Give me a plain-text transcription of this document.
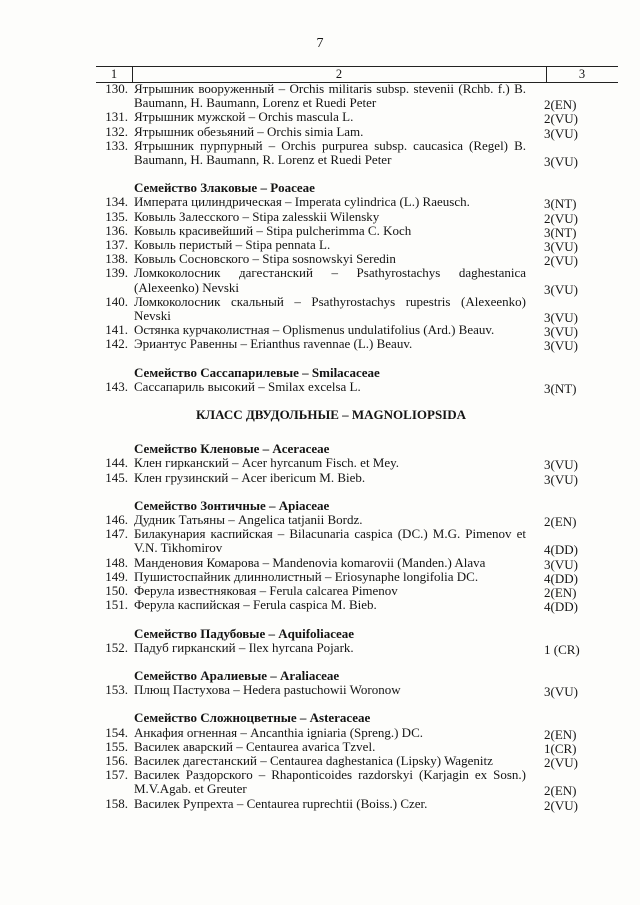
7
1	2	3
130. Ятрышник вооруженный – Orchis militaris subsp. stevenii (Rchb. f.) B. Baumann, H. Baumann, Lorenz et Ruedi Peter	2(EN)
131. Ятрышник мужской – Orchis mascula L.	2(VU)
132. Ятрышник обезьяний – Orchis simia Lam.	3(VU)
133. Ятрышник пурпурный – Orchis purpurea subsp. caucasica (Regel) B. Baumann, H. Baumann, R. Lorenz et Ruedi Peter	3(VU)
Семейство Злаковые – Poaceae
134. Императа цилиндрическая – Imperata cylindrica (L.) Raeusch.	3(NT)
135. Ковыль Залесского – Stipa zalesskii Wilensky	2(VU)
136. Ковыль красивейший – Stipa pulcherimma C. Koch	3(NT)
137. Ковыль перистый – Stipa pennata L.	3(VU)
138. Ковыль Сосновского – Stipa sosnowskyi Seredin	2(VU)
139. Ломкоколосник дагестанский – Psathyrostachys daghestanica (Alexeenko) Nevski	3(VU)
140. Ломкоколосник скальный – Psathyrostachys rupestris (Alexeenko) Nevski	3(VU)
141. Остянка курчаколистная – Oplismenus undulatifolius (Ard.) Beauv.	3(VU)
142. Эриантус Равенны – Erianthus ravennae (L.) Beauv.	3(VU)
Семейство Сассапарилевые – Smilacaceae
143. Сассапариль высокий – Smilax excelsa L.	3(NT)
КЛАСС ДВУДОЛЬНЫЕ – MAGNOLIOPSIDA
Семейство Кленовые – Aceraceae
144. Клен гирканский – Acer hyrcanum Fisch. et Mey.	3(VU)
145. Клен грузинский – Acer ibericum M. Bieb.	3(VU)
Семейство Зонтичные – Apiaceae
146. Дудник Татьяны – Angelica tatjanii Bordz.	2(EN)
147. Билакунария каспийская – Bilacunaria caspica (DC.) M.G. Pimenov et V.N. Tikhomirov	4(DD)
148. Манденовия Комарова – Mandenovia komarovii (Manden.) Alava	3(VU)
149. Пушистоспайник длиннолистный – Eriosynaphe longifolia DC.	4(DD)
150. Ферула известняковая – Ferula calcarea Pimenov	2(EN)
151. Ферула каспийская – Ferula caspica M. Bieb.	4(DD)
Семейство Падубовые – Aquifoliaceae
152. Падуб гирканский – Ilex hyrcana Pojark.	1 (CR)
Семейство Аралиевые – Araliaceae
153. Плющ Пастухова – Hedera pastuchowii Woronow	3(VU)
Семейство Сложноцветные – Asteraceae
154. Анкафия огненная – Ancanthia igniaria (Spreng.) DC.	2(EN)
155. Василек аварский – Centaurea avarica Tzvel.	1(CR)
156. Василек дагестанский – Centaurea daghestanica (Lipsky) Wagenitz	2(VU)
157. Василек Раздорского – Rhaponticoides razdorskyi (Karjagin ex Sosn.) M.V.Agab. et Greuter	2(EN)
158. Василек Рупрехта – Centaurea ruprechtii (Boiss.) Czer.	2(VU)
